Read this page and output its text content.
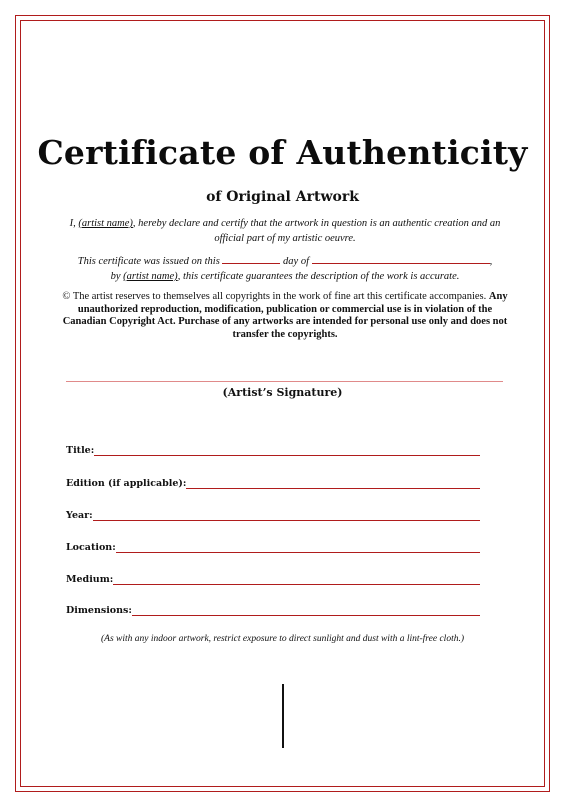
Certificate of Authenticity
of Original Artwork
I, (artist name), hereby declare and certify that the artwork in question is an authentic creation and an official part of my artistic oeuvre.
This certificate was issued on this	day of	,
by (artist name), this certificate guarantees the description of the work is accurate.
© The artist reserves to themselves all copyrights in the work of fine art this certificate accompanies. Any unauthorized reproduction, modification, publication or commercial use is in violation of the Canadian Copyright Act. Purchase of any artworks are intended for personal use only and does not transfer the copyrights.
(Artist’s Signature)
Title:
Edition (if applicable):
Year:
Location:
Medium:
Dimensions:
(As with any indoor artwork, restrict exposure to direct sunlight and dust with a lint-free cloth.)
